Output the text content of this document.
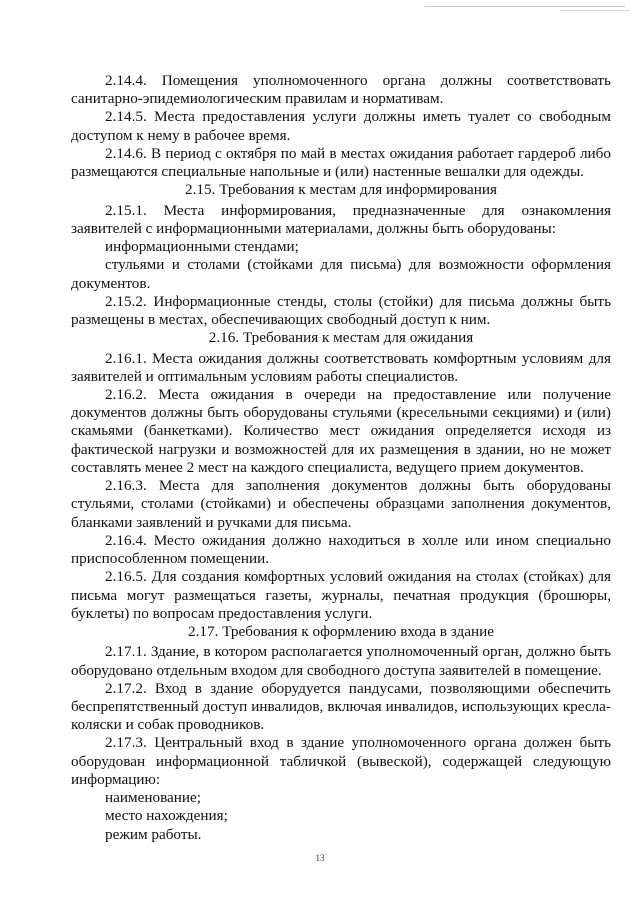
2.14.4. Помещения уполномоченного органа должны соответствовать санитарно-эпидемиологическим правилам и нормативам.

2.14.5. Места предоставления услуги должны иметь туалет со свободным доступом к нему в рабочее время.

2.14.6. В период с октября по май в местах ожидания работает гардероб либо размещаются специальные напольные и (или) настенные вешалки для одежды.

2.15. Требования к местам для информирования

2.15.1. Места информирования, предназначенные для ознакомления заявителей с информационными материалами, должны быть оборудованы:

информационными стендами;

стульями и столами (стойками для письма) для возможности оформления документов.

2.15.2. Информационные стенды, столы (стойки) для письма должны быть размещены в местах, обеспечивающих свободный доступ к ним.

2.16. Требования к местам для ожидания

2.16.1. Места ожидания должны соответствовать комфортным условиям для заявителей и оптимальным условиям работы специалистов.

2.16.2. Места ожидания в очереди на предоставление или получение документов должны быть оборудованы стульями (кресельными секциями) и (или) скамьями (банкетками). Количество мест ожидания определяется исходя из фактической нагрузки и возможностей для их размещения в здании, но не может составлять менее 2 мест на каждого специалиста, ведущего прием документов.

2.16.3. Места для заполнения документов должны быть оборудованы стульями, столами (стойками) и обеспечены образцами заполнения документов, бланками заявлений и ручками для письма.

2.16.4. Место ожидания должно находиться в холле или ином специально приспособленном помещении.

2.16.5. Для создания комфортных условий ожидания на столах (стойках) для письма могут размещаться газеты, журналы, печатная продукция (брошюры, буклеты) по вопросам предоставления услуги.

2.17. Требования к оформлению входа в здание

2.17.1. Здание, в котором располагается уполномоченный орган, должно быть оборудовано отдельным входом для свободного доступа заявителей в помещение.

2.17.2. Вход в здание оборудуется пандусами, позволяющими обеспечить беспрепятственный доступ инвалидов, включая инвалидов, использующих кресла-коляски и собак проводников.

2.17.3. Центральный вход в здание уполномоченного органа должен быть оборудован информационной табличкой (вывеской), содержащей следующую информацию:

наименование;

место нахождения;

режим работы.

13
